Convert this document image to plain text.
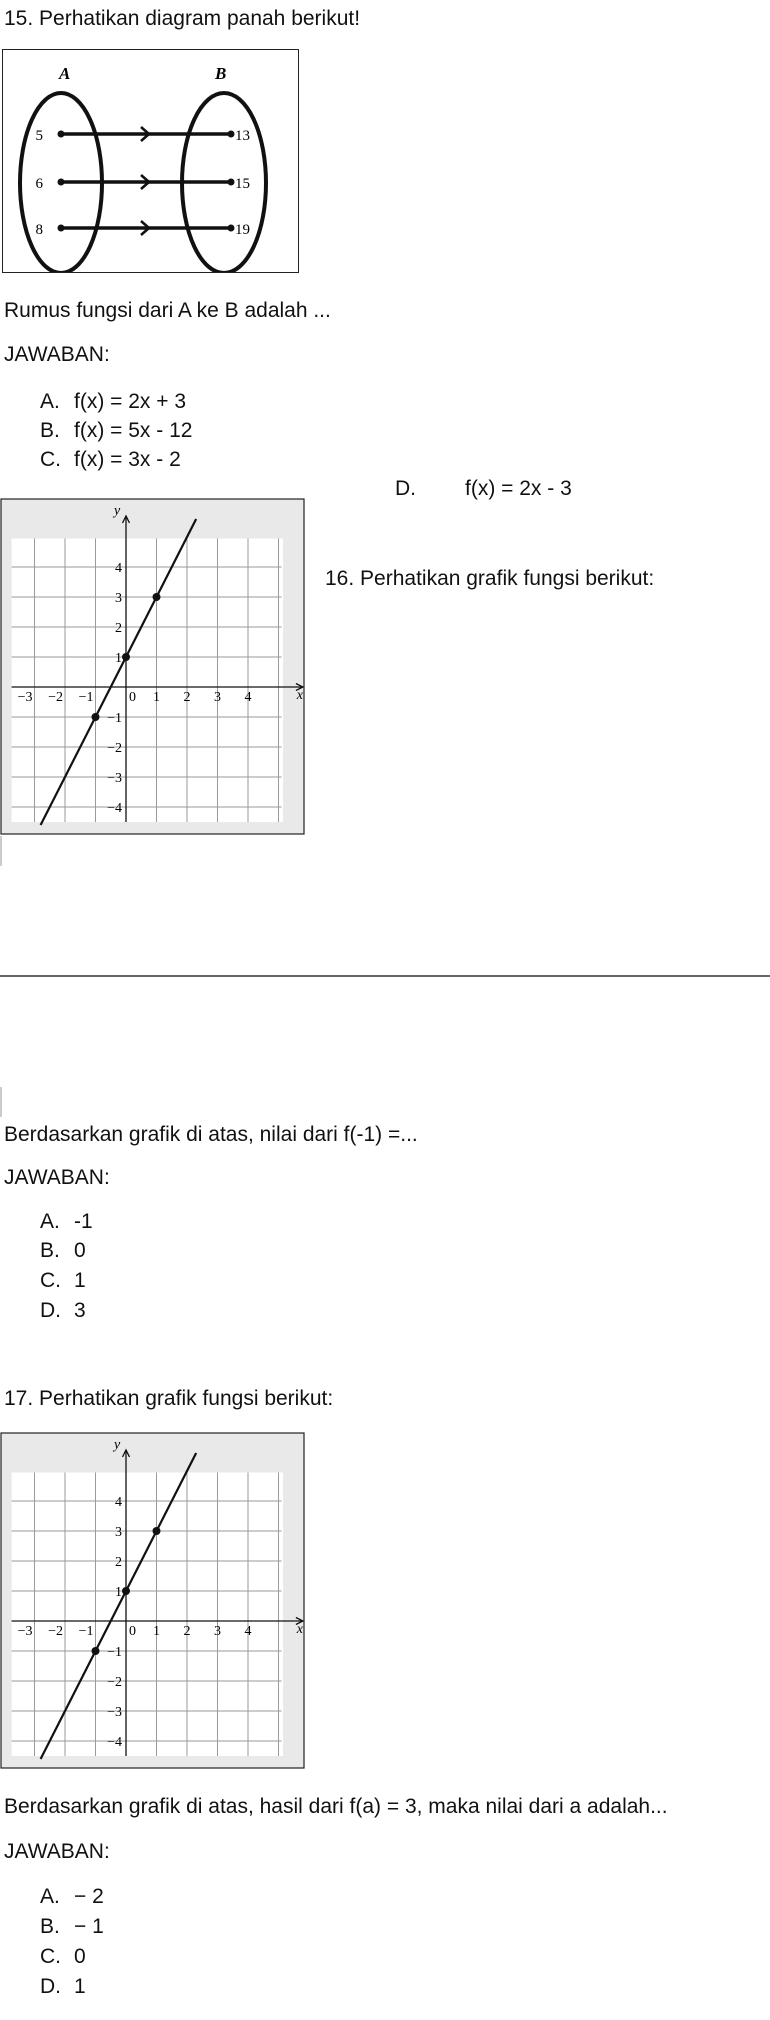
15. Perhatikan diagram panah berikut!
A	B
5
6
8
13
15
19
Rumus fungsi dari A ke B adalah ...
JAWABAN:
A. f(x) = 2x + 3
B. f(x) = 5x - 12
C. f(x) = 3x - 2
D. f(x) = 2x - 3
x
y
−3 −2 −1	0 1 2 3 4
4
3
2
1
−1
−2
−3
−4
16. Perhatikan grafik fungsi berikut:
Berdasarkan grafik di atas, nilai dari f(-1) =...
JAWABAN:
A. -1
B. 0
C. 1
D. 3
17. Perhatikan grafik fungsi berikut:
x
y
−3 −2 −1	0 1 2 3 4
4
3
2
1
−1
−2
−3
−4
Berdasarkan grafik di atas, hasil dari f(a) = 3, maka nilai dari a adalah...
JAWABAN:
A. − 2
B. − 1
C. 0
D. 1
